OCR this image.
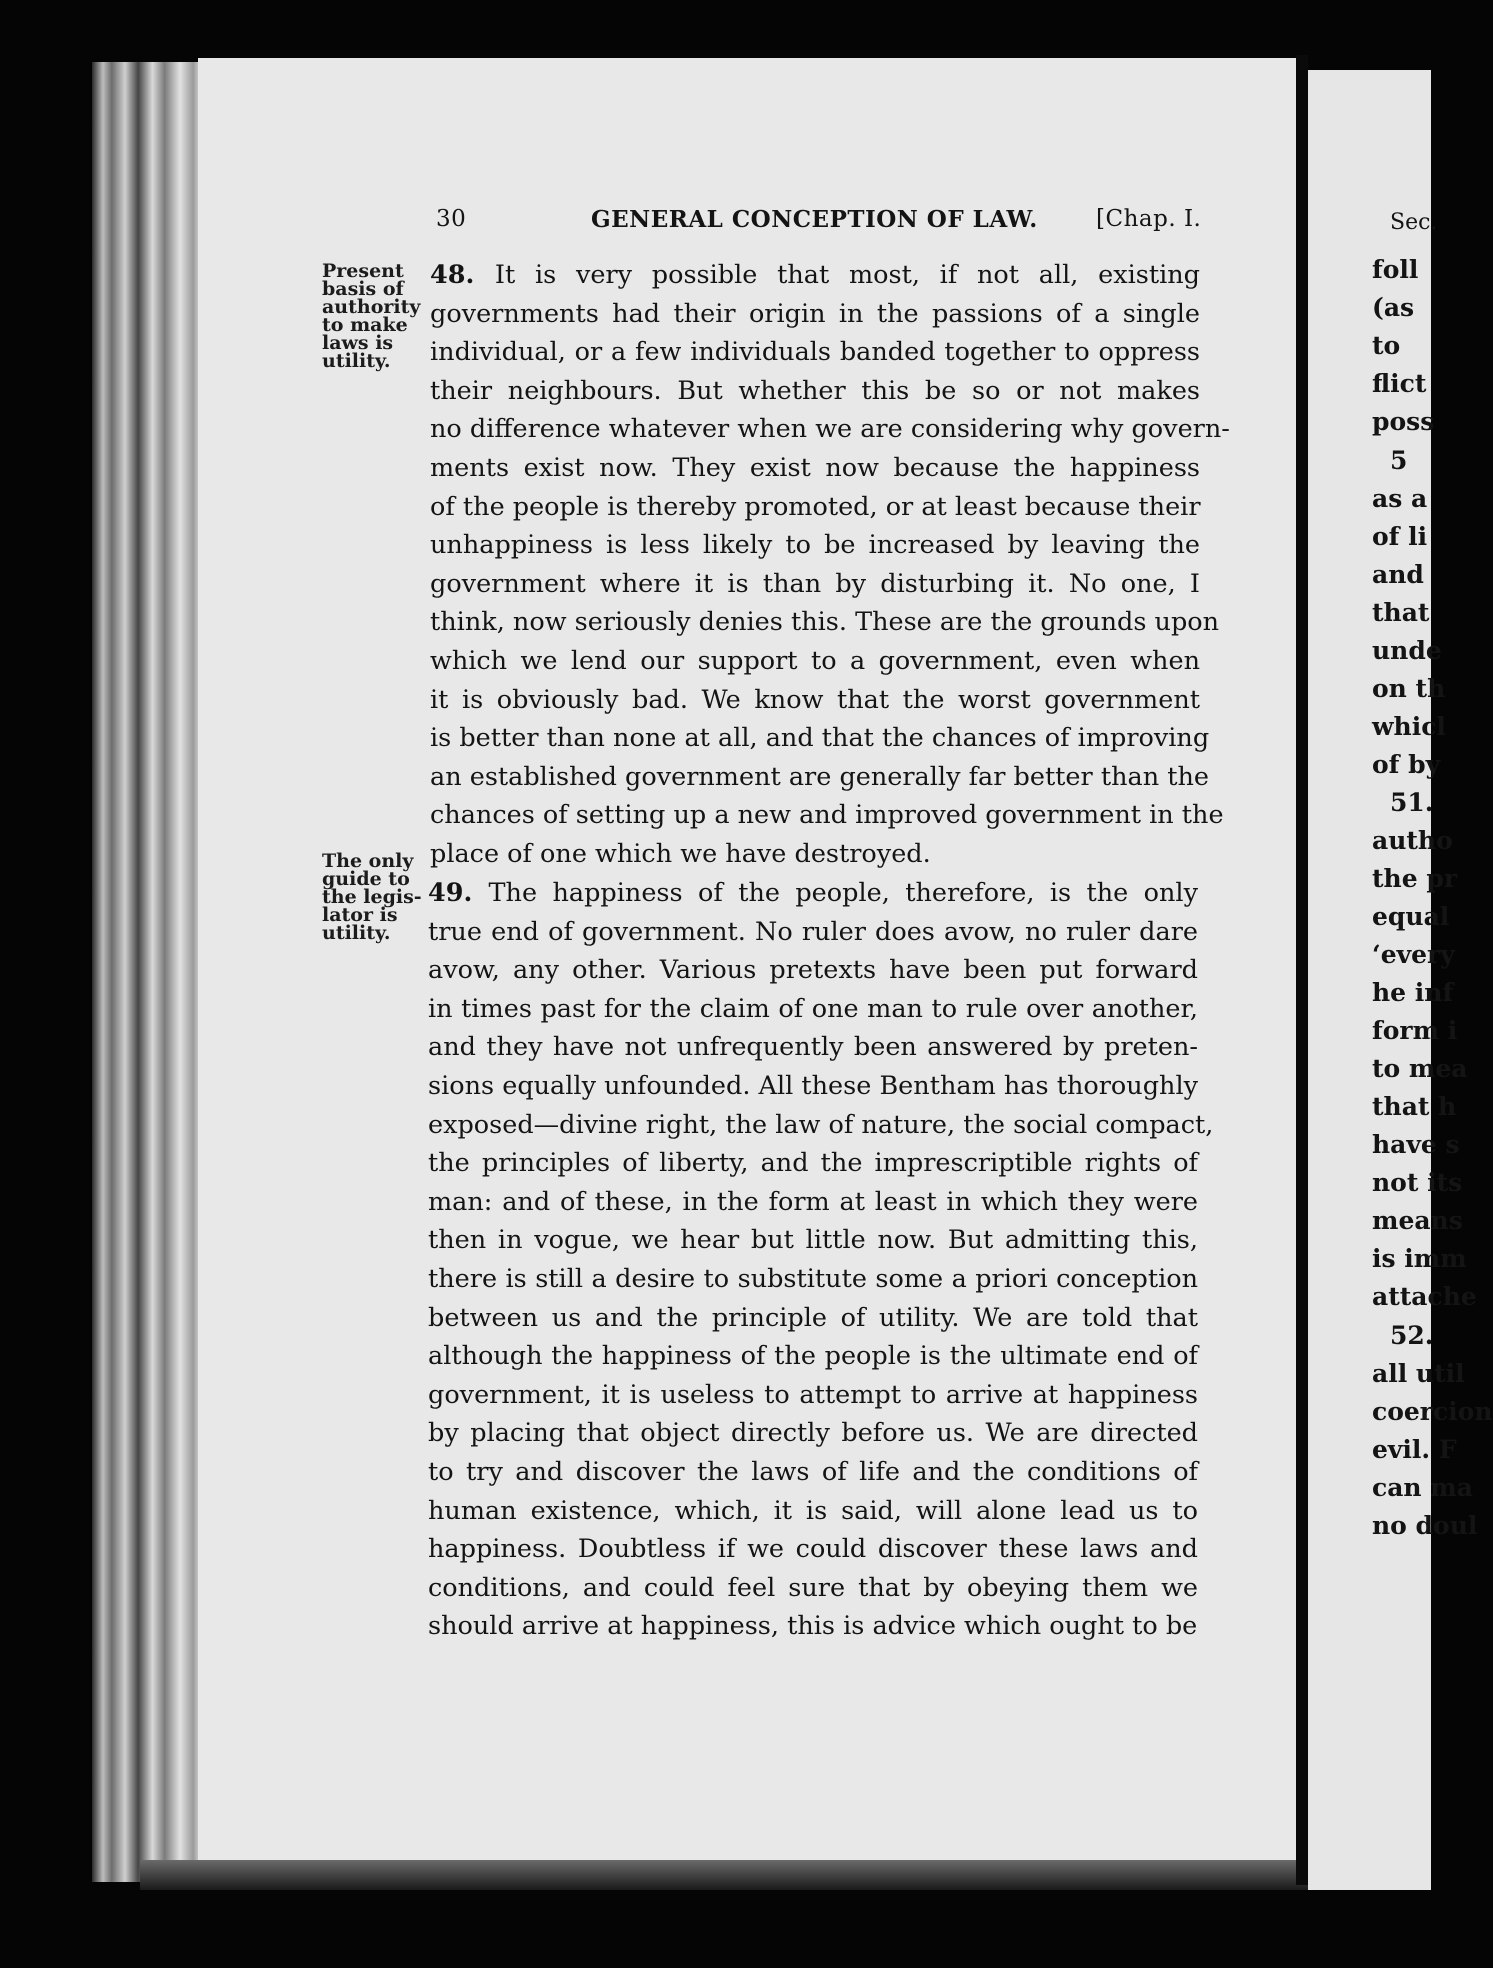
Sec.
foll
(as
to
flict
poss
5
as a
of li
and
that
unde
on th
whicl
of by
51.
autho
the pr
equal
‘every
he inf
form i
to mea
that h
have s
not its
means
is imm
attache
52.
all util
coercion
evil. F
can ma
no doul
30	GENERAL CONCEPTION OF LAW.	[Chap. I.
Present basis of authority to make laws is utility.
The only guide to the legis- lator is utility.
48. It is very possible that most, if not all, existing
governments had their origin in the passions of a single
individual, or a few individuals banded together to oppress
their neighbours. But whether this be so or not makes
no difference whatever when we are considering why govern-
ments exist now. They exist now because the happiness
of the people is thereby promoted, or at least because their
unhappiness is less likely to be increased by leaving the
government where it is than by disturbing it. No one, I
think, now seriously denies this. These are the grounds upon
which we lend our support to a government, even when
it is obviously bad. We know that the worst government
is better than none at all, and that the chances of improving
an established government are generally far better than the
chances of setting up a new and improved government in the
place of one which we have destroyed.
49. The happiness of the people, therefore, is the only
true end of government. No ruler does avow, no ruler dare
avow, any other. Various pretexts have been put forward
in times past for the claim of one man to rule over another,
and they have not unfrequently been answered by preten-
sions equally unfounded. All these Bentham has thoroughly
exposed—divine right, the law of nature, the social compact,
the principles of liberty, and the imprescriptible rights of
man: and of these, in the form at least in which they were
then in vogue, we hear but little now. But admitting this,
there is still a desire to substitute some a priori conception
between us and the principle of utility. We are told that
although the happiness of the people is the ultimate end of
government, it is useless to attempt to arrive at happiness
by placing that object directly before us. We are directed
to try and discover the laws of life and the conditions of
human existence, which, it is said, will alone lead us to
happiness. Doubtless if we could discover these laws and
conditions, and could feel sure that by obeying them we
should arrive at happiness, this is advice which ought to be
